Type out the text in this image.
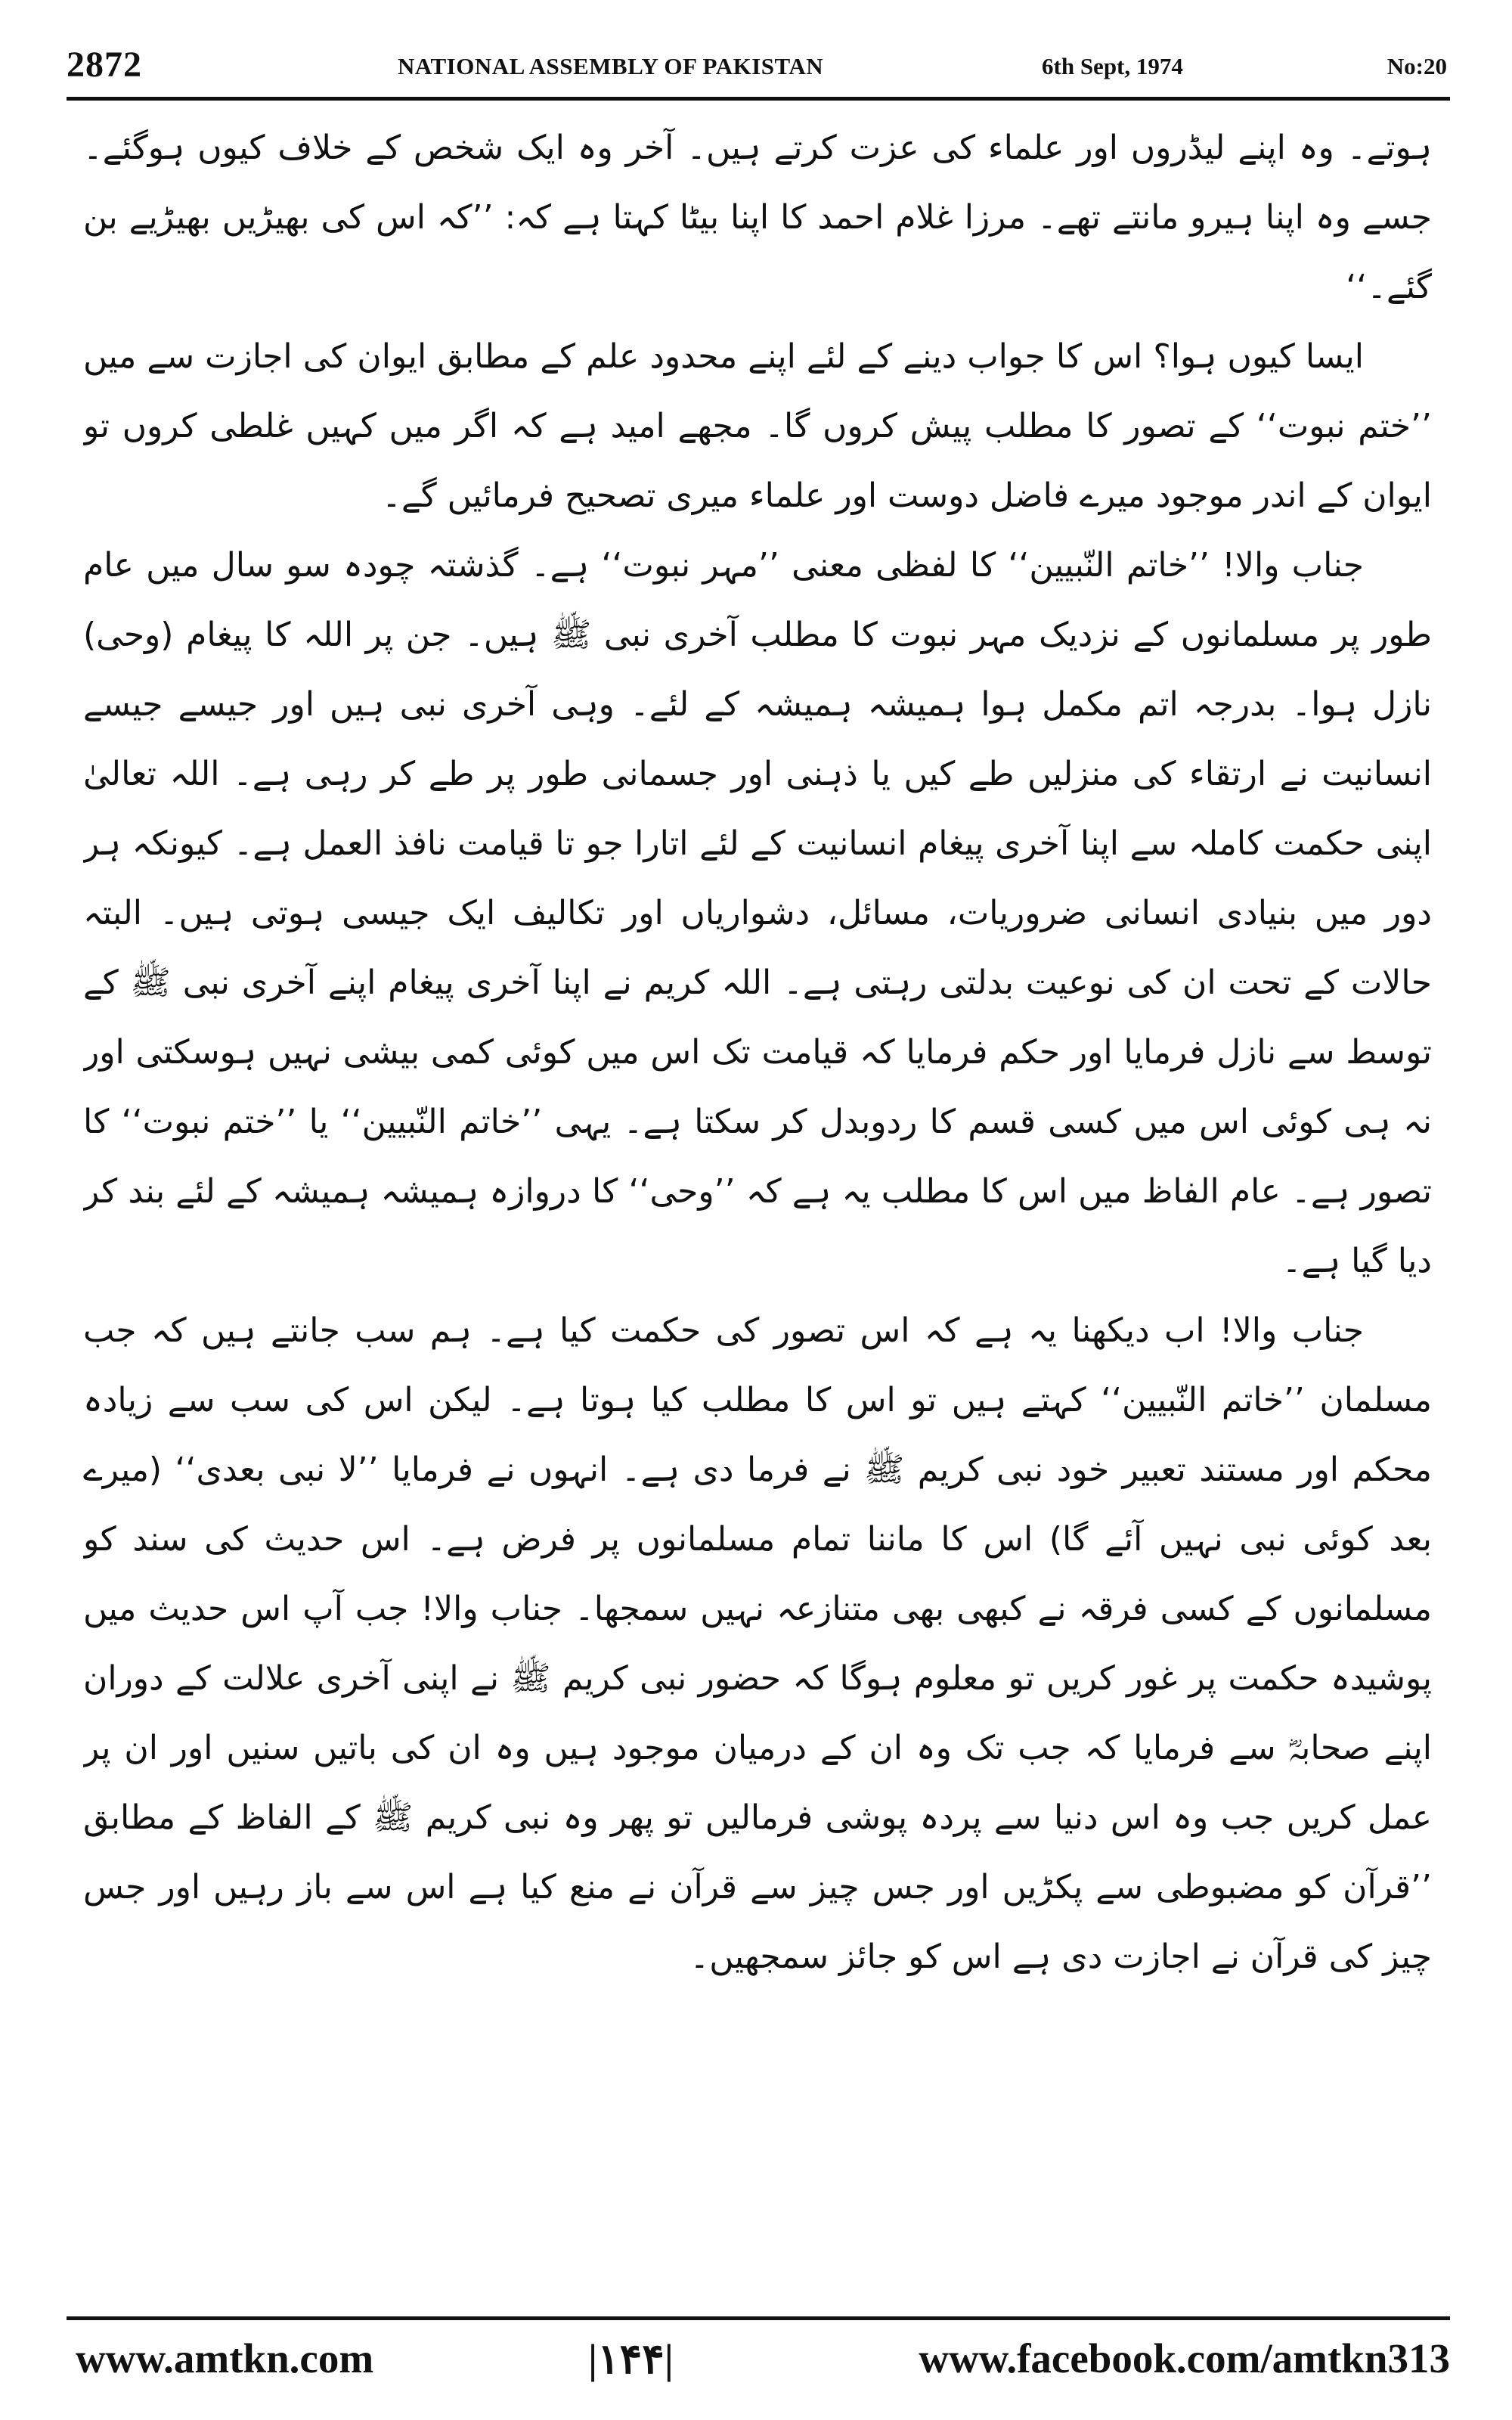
2872	NATIONAL ASSEMBLY OF PAKISTAN	6th Sept, 1974	No:20

ہوتے۔ وہ اپنے لیڈروں اور علماء کی عزت کرتے ہیں۔ آخر وہ ایک شخص کے خلاف کیوں ہوگئے۔ جسے وہ اپنا ہیرو مانتے تھے۔ مرزا غلام احمد کا اپنا بیٹا کہتا ہے کہ: ’’کہ اس کی بھیڑیں بھیڑیے بن گئے۔‘‘

ایسا کیوں ہوا؟ اس کا جواب دینے کے لئے اپنے محدود علم کے مطابق ایوان کی اجازت سے میں ’’ختم نبوت‘‘ کے تصور کا مطلب پیش کروں گا۔ مجھے امید ہے کہ اگر میں کہیں غلطی کروں تو ایوان کے اندر موجود میرے فاضل دوست اور علماء میری تصحیح فرمائیں گے۔

جناب والا! ’’خاتم النّبیین‘‘ کا لفظی معنی ’’مہر نبوت‘‘ ہے۔ گذشتہ چودہ سو سال میں عام طور پر مسلمانوں کے نزدیک مہر نبوت کا مطلب آخری نبی ﷺ ہیں۔ جن پر اللہ کا پیغام (وحی) نازل ہوا۔ بدرجہ اتم مکمل ہوا ہمیشہ ہمیشہ کے لئے۔ وہی آخری نبی ہیں اور جیسے جیسے انسانیت نے ارتقاء کی منزلیں طے کیں یا ذہنی اور جسمانی طور پر طے کر رہی ہے۔ اللہ تعالیٰ اپنی حکمت کاملہ سے اپنا آخری پیغام انسانیت کے لئے اتارا جو تا قیامت نافذ العمل ہے۔ کیونکہ ہر دور میں بنیادی انسانی ضروریات، مسائل، دشواریاں اور تکالیف ایک جیسی ہوتی ہیں۔ البتہ حالات کے تحت ان کی نوعیت بدلتی رہتی ہے۔ اللہ کریم نے اپنا آخری پیغام اپنے آخری نبی ﷺ کے توسط سے نازل فرمایا اور حکم فرمایا کہ قیامت تک اس میں کوئی کمی بیشی نہیں ہوسکتی اور نہ ہی کوئی اس میں کسی قسم کا ردوبدل کر سکتا ہے۔ یہی ’’خاتم النّبیین‘‘ یا ’’ختم نبوت‘‘ کا تصور ہے۔ عام الفاظ میں اس کا مطلب یہ ہے کہ ’’وحی‘‘ کا دروازہ ہمیشہ ہمیشہ کے لئے بند کر دیا گیا ہے۔

جناب والا! اب دیکھنا یہ ہے کہ اس تصور کی حکمت کیا ہے۔ ہم سب جانتے ہیں کہ جب مسلمان ’’خاتم النّبیین‘‘ کہتے ہیں تو اس کا مطلب کیا ہوتا ہے۔ لیکن اس کی سب سے زیادہ محکم اور مستند تعبیر خود نبی کریم ﷺ نے فرما دی ہے۔ انہوں نے فرمایا ’’لا نبی بعدی‘‘ (میرے بعد کوئی نبی نہیں آئے گا) اس کا ماننا تمام مسلمانوں پر فرض ہے۔ اس حدیث کی سند کو مسلمانوں کے کسی فرقہ نے کبھی بھی متنازعہ نہیں سمجھا۔ جناب والا! جب آپ اس حدیث میں پوشیدہ حکمت پر غور کریں تو معلوم ہوگا کہ حضور نبی کریم ﷺ نے اپنی آخری علالت کے دوران اپنے صحابہؓ سے فرمایا کہ جب تک وہ ان کے درمیان موجود ہیں وہ ان کی باتیں سنیں اور ان پر عمل کریں جب وہ اس دنیا سے پردہ پوشی فرمالیں تو پھر وہ نبی کریم ﷺ کے الفاظ کے مطابق ’’قرآن کو مضبوطی سے پکڑیں اور جس چیز سے قرآن نے منع کیا ہے اس سے باز رہیں اور جس چیز کی قرآن نے اجازت دی ہے اس کو جائز سمجھیں۔

www.amtkn.com	|۱۴۴|	www.facebook.com/amtkn313
